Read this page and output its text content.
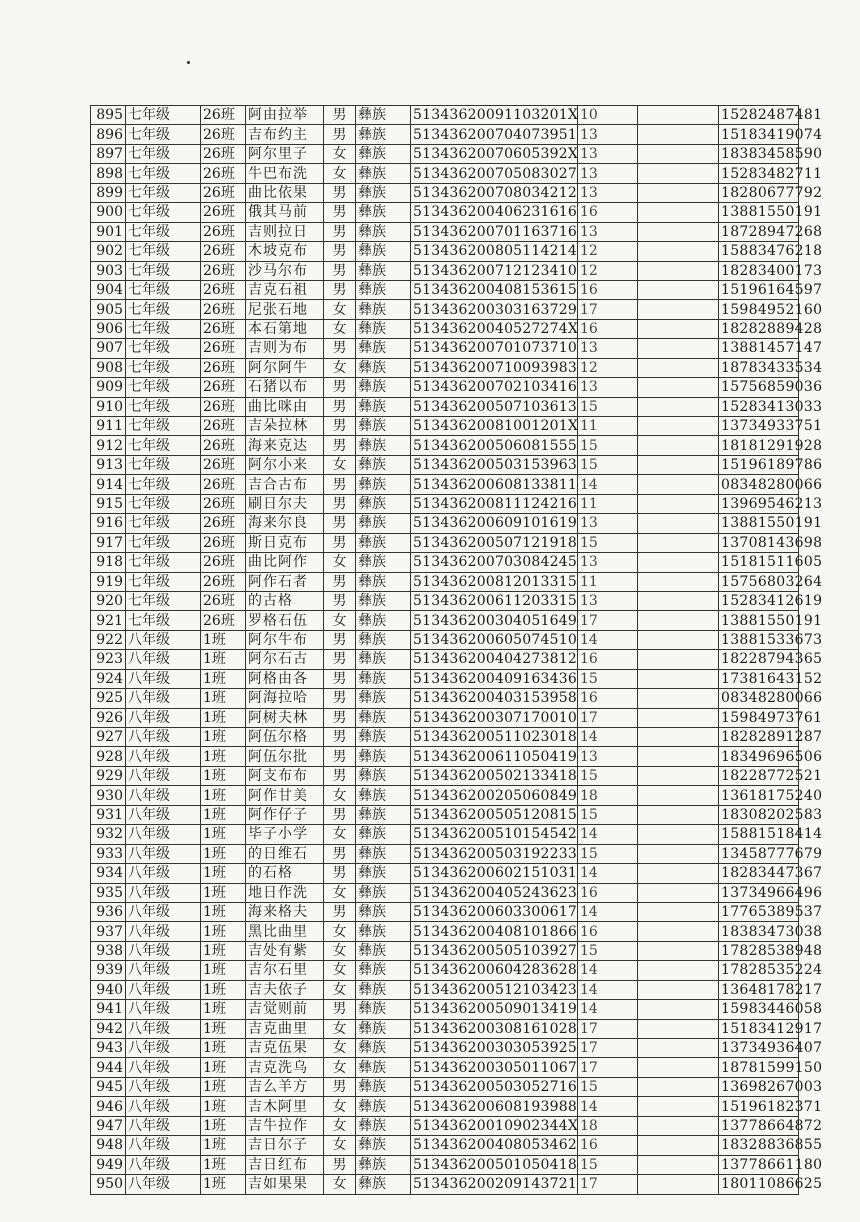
895	七年级	26班	阿由拉举	男	彝族	51343620091103201X	10		15282487481
896	七年级	26班	吉布约主	男	彝族	513436200704073951	13		15183419074
897	七年级	26班	阿尔里子	女	彝族	51343620070605392X	13		18383458590
898	七年级	26班	牛巴布洗	女	彝族	513436200705083027	13		15283482711
899	七年级	26班	曲比依果	男	彝族	513436200708034212	13		18280677792
900	七年级	26班	俄其马前	男	彝族	513436200406231616	16		13881550191
901	七年级	26班	吉则拉日	男	彝族	513436200701163716	13		18728947268
902	七年级	26班	木坡克布	男	彝族	513436200805114214	12		15883476218
903	七年级	26班	沙马尔布	男	彝族	513436200712123410	12		18283400173
904	七年级	26班	吉克石祖	男	彝族	513436200408153615	16		15196164597
905	七年级	26班	尼张石地	女	彝族	513436200303163729	17		15984952160
906	七年级	26班	本石第地	女	彝族	51343620040527274X	16		18282889428
907	七年级	26班	吉则为布	男	彝族	513436200701073710	13		13881457147
908	七年级	26班	阿尔阿牛	女	彝族	513436200710093983	12		18783433534
909	七年级	26班	石猪以布	男	彝族	513436200702103416	13		15756859036
910	七年级	26班	曲比咪由	男	彝族	513436200507103613	15		15283413033
911	七年级	26班	吉朵拉林	男	彝族	51343620081001201X	11		13734933751
912	七年级	26班	海来克达	男	彝族	513436200506081555	15		18181291928
913	七年级	26班	阿尔小来	女	彝族	513436200503153963	15		15196189786
914	七年级	26班	吉合古布	男	彝族	513436200608133811	14		08348280066
915	七年级	26班	刷日尔夫	男	彝族	513436200811124216	11		13969546213
916	七年级	26班	海来尔良	男	彝族	513436200609101619	13		13881550191
917	七年级	26班	斯日克布	男	彝族	513436200507121918	15		13708143698
918	七年级	26班	曲比阿作	女	彝族	513436200703084245	13		15181511605
919	七年级	26班	阿作石者	男	彝族	513436200812013315	11		15756803264
920	七年级	26班	的古格	男	彝族	513436200611203315	13		15283412619
921	七年级	26班	罗格石伍	女	彝族	513436200304051649	17		13881550191
922	八年级	1班	阿尔牛布	男	彝族	513436200605074510	14		13881533673
923	八年级	1班	阿尔石古	男	彝族	513436200404273812	16		18228794365
924	八年级	1班	阿格由各	男	彝族	513436200409163436	15		17381643152
925	八年级	1班	阿海拉哈	男	彝族	513436200403153958	16		08348280066
926	八年级	1班	阿树夫林	男	彝族	513436200307170010	17		15984973761
927	八年级	1班	阿伍尔格	男	彝族	513436200511023018	14		18282891287
928	八年级	1班	阿伍尔批	男	彝族	513436200611050419	13		18349696506
929	八年级	1班	阿支布布	男	彝族	513436200502133418	15		18228772521
930	八年级	1班	阿作甘美	女	彝族	513436200205060849	18		13618175240
931	八年级	1班	阿作仔子	男	彝族	513436200505120815	15		18308202583
932	八年级	1班	毕子小学	女	彝族	513436200510154542	14		15881518414
933	八年级	1班	的日维石	男	彝族	513436200503192233	15		13458777679
934	八年级	1班	的石格	男	彝族	513436200602151031	14		18283447367
935	八年级	1班	地日作洗	女	彝族	513436200405243623	16		13734966496
936	八年级	1班	海来格夫	男	彝族	513436200603300617	14		17765389537
937	八年级	1班	黑比曲里	女	彝族	513436200408101866	16		18383473038
938	八年级	1班	吉处有紫	女	彝族	513436200505103927	15		17828538948
939	八年级	1班	吉尔石里	女	彝族	513436200604283628	14		17828535224
940	八年级	1班	吉夫依子	女	彝族	513436200512103423	14		13648178217
941	八年级	1班	吉觉则前	男	彝族	513436200509013419	14		15983446058
942	八年级	1班	吉克曲里	女	彝族	513436200308161028	17		15183412917
943	八年级	1班	吉克伍果	女	彝族	513436200303053925	17		13734936407
944	八年级	1班	吉克洗乌	女	彝族	513436200305011067	17		18781599150
945	八年级	1班	吉么羊方	男	彝族	513436200503052716	15		13698267003
946	八年级	1班	吉木阿里	女	彝族	513436200608193988	14		15196182371
947	八年级	1班	吉牛拉作	女	彝族	51343620010902344X	18		13778664872
948	八年级	1班	吉日尔子	女	彝族	513436200408053462	16		18328836855
949	八年级	1班	吉日红布	男	彝族	513436200501050418	15		13778661180
950	八年级	1班	吉如果果	女	彝族	513436200209143721	17		18011086625
